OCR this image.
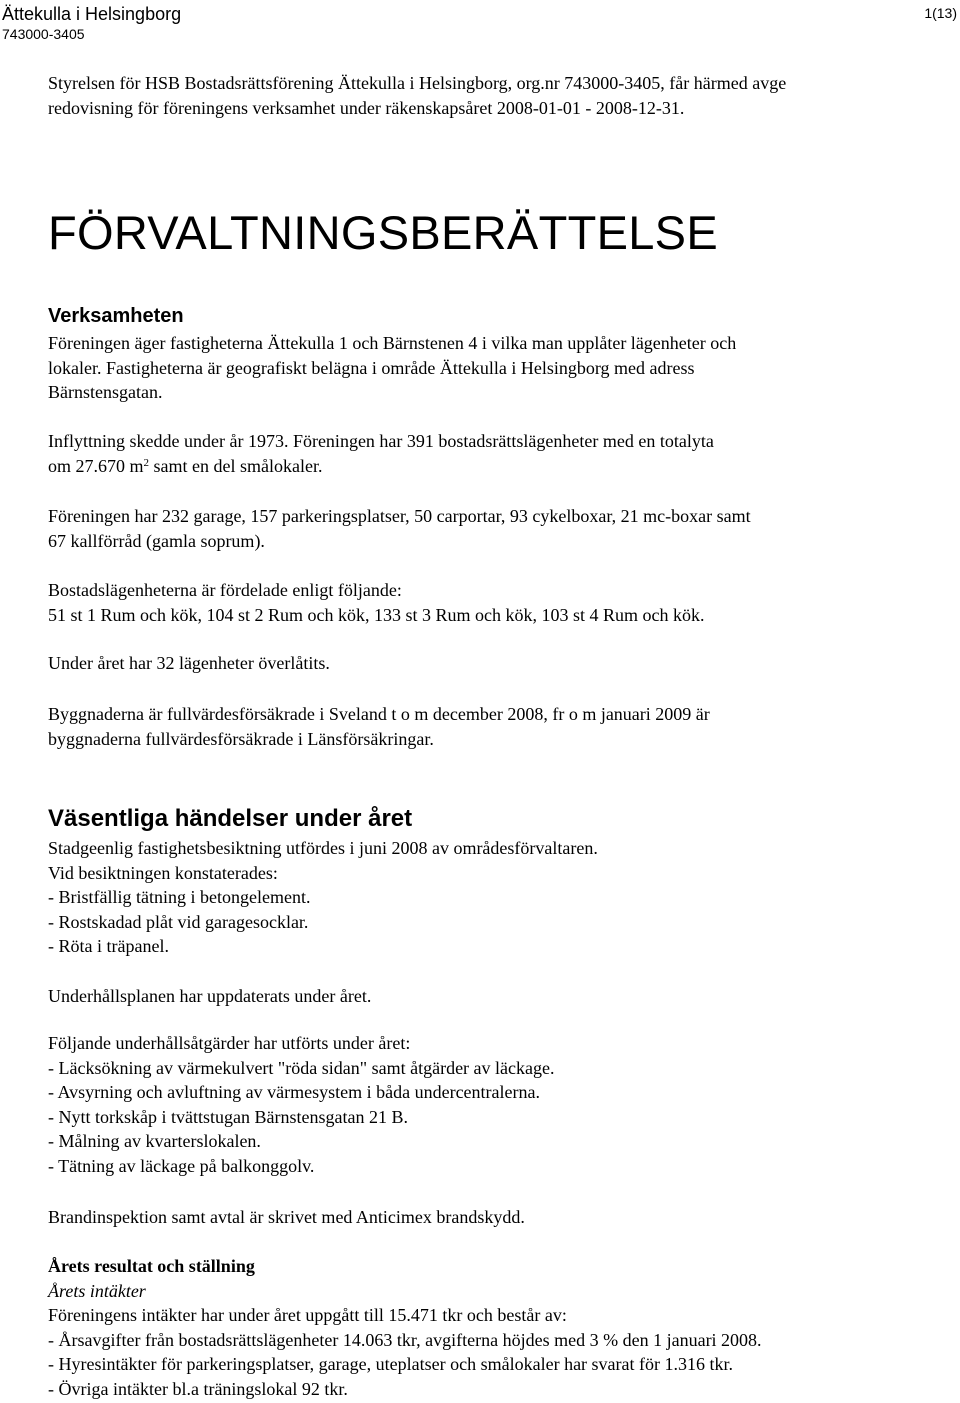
Ättekulla i Helsingborg
743000-3405
1(13)

Styrelsen för HSB Bostadsrättsförening Ättekulla i Helsingborg, org.nr 743000-3405, får härmed avge

redovisning för föreningens verksamhet under räkenskapsåret 2008-01-01 - 2008-12-31.

FÖRVALTNINGSBERÄTTELSE
Verksamheten

Föreningen äger fastigheterna Ättekulla 1 och Bärnstenen 4 i vilka man upplåter lägenheter och

lokaler. Fastigheterna är geografiskt belägna i område Ättekulla i Helsingborg med adress

Bärnstensgatan.

Inflyttning skedde under år 1973. Föreningen har 391 bostadsrättslägenheter med en totalyta

om 27.670 $m^2$ samt en del smålokaler.

Föreningen har 232 garage, 157 parkeringsplatser, 50 carportar, 93 cykelboxar, 21 mc-boxar samt

67 kallförråd (gamla soprum).

Bostadslägenheterna är fördelade enligt följande:

51 st 1 Rum och kök, 104 st 2 Rum och kök, 133 st 3 Rum och kök, 103 st 4 Rum och kök.

Under året har 32 lägenheter överlåtits.

Byggnaderna är fullvärdesförsäkrade i Sveland t o m december 2008, fr o m januari 2009 är

byggnaderna fullvärdesförsäkrade i Länsförsäkringar.

Väsentliga händelser under året

Stadgeenlig fastighetsbesiktning utfördes i juni 2008 av områdesförvaltaren.

Vid besiktningen konstaterades:

- Bristfällig tätning i betongelement.

- Rostskadad plåt vid garagesocklar.

- Röta i träpanel.

Underhållsplanen har uppdaterats under året.

Följande underhållsåtgärder har utförts under året:

- Läcksökning av värmekulvert "röda sidan" samt åtgärder av läckage.

- Avsyrning och avluftning av värmesystem i båda undercentralerna.

- Nytt torkskåp i tvättstugan Bärnstensgatan 21 B.

- Målning av kvarterslokalen.

- Tätning av läckage på balkonggolv.

Brandinspektion samt avtal är skrivet med Anticimex brandskydd.

Årets resultat och ställning

Årets intäkter

Föreningens intäkter har under året uppgått till 15.471 tkr och består av:

- Årsavgifter från bostadsrättslägenheter 14.063 tkr, avgifterna höjdes med 3 % den 1 januari 2008.

- Hyresintäkter för parkeringsplatser, garage, uteplatser och smålokaler har svarat för 1.316 tkr.

- Övriga intäkter bl.a träningslokal 92 tkr.
